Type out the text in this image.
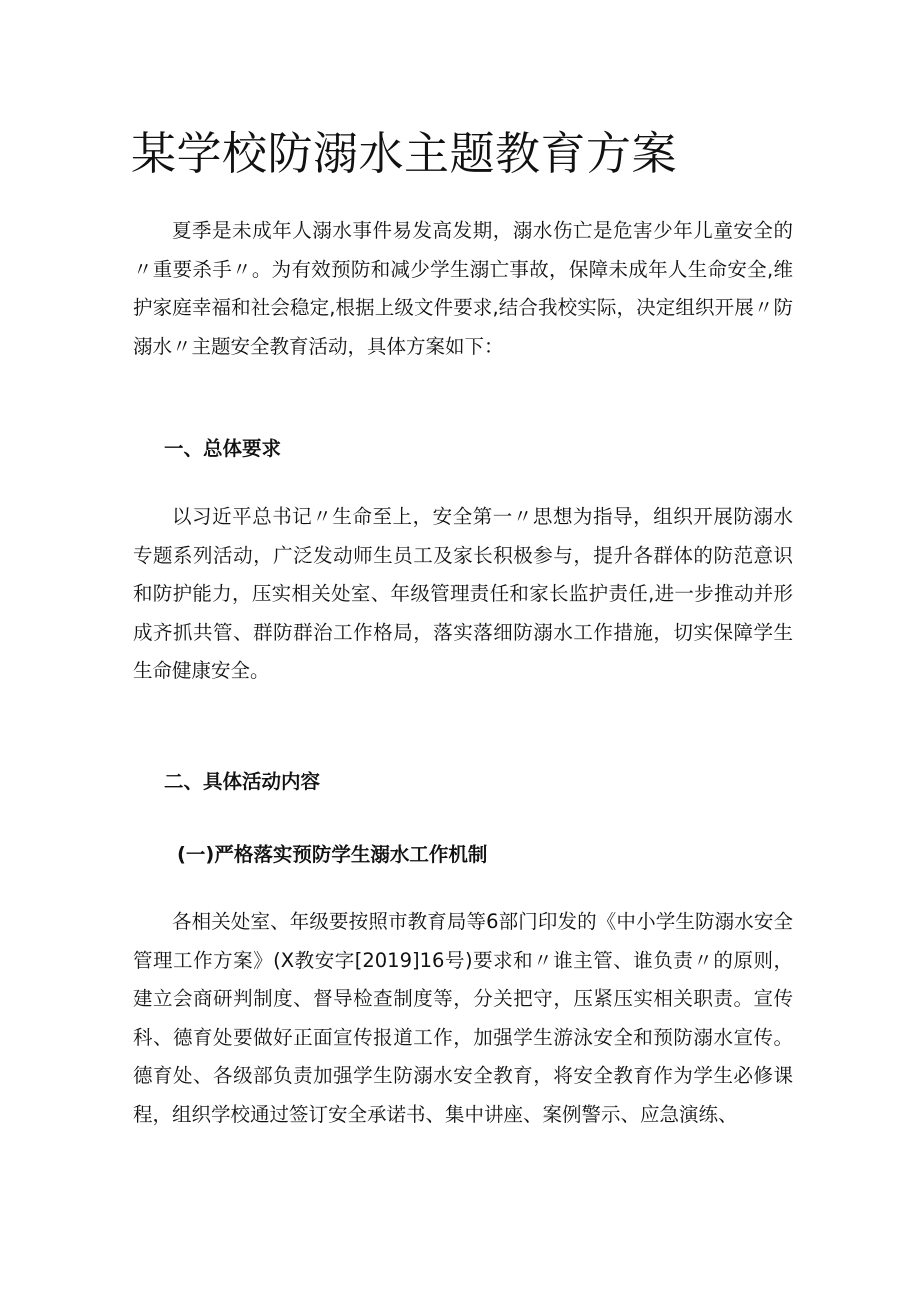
某学校防溺水主题教育方案

夏季是未成年人溺水事件易发高发期，溺水伤亡是危害少年儿童安全的〃重要杀手〃。为有效预防和减少学生溺亡事故，保障未成年人生命安全,维护家庭幸福和社会稳定,根据上级文件要求,结合我校实际，决定组织开展〃防溺水〃主题安全教育活动，具体方案如下：

一、总体要求

以习近平总书记〃生命至上，安全第一〃思想为指导，组织开展防溺水专题系列活动，广泛发动师生员工及家长积极参与，提升各群体的防范意识和防护能力，压实相关处室、年级管理责任和家长监护责任,进一步推动并形成齐抓共管、群防群治工作格局，落实落细防溺水工作措施，切实保障学生生命健康安全。

二、具体活动内容
(一)严格落实预防学生溺水工作机制

各相关处室、年级要按照市教育局等6部门印发的《中小学生防溺水安全管理工作方案》(X教安字[2019]16号)要求和〃谁主管、谁负责〃的原则，建立会商研判制度、督导检查制度等，分关把守，压紧压实相关职责。宣传科、德育处要做好正面宣传报道工作，加强学生游泳安全和预防溺水宣传。德育处、各级部负责加强学生防溺水安全教育，将安全教育作为学生必修课程，组织学校通过签订安全承诺书、集中讲座、案例警示、应急演练、
